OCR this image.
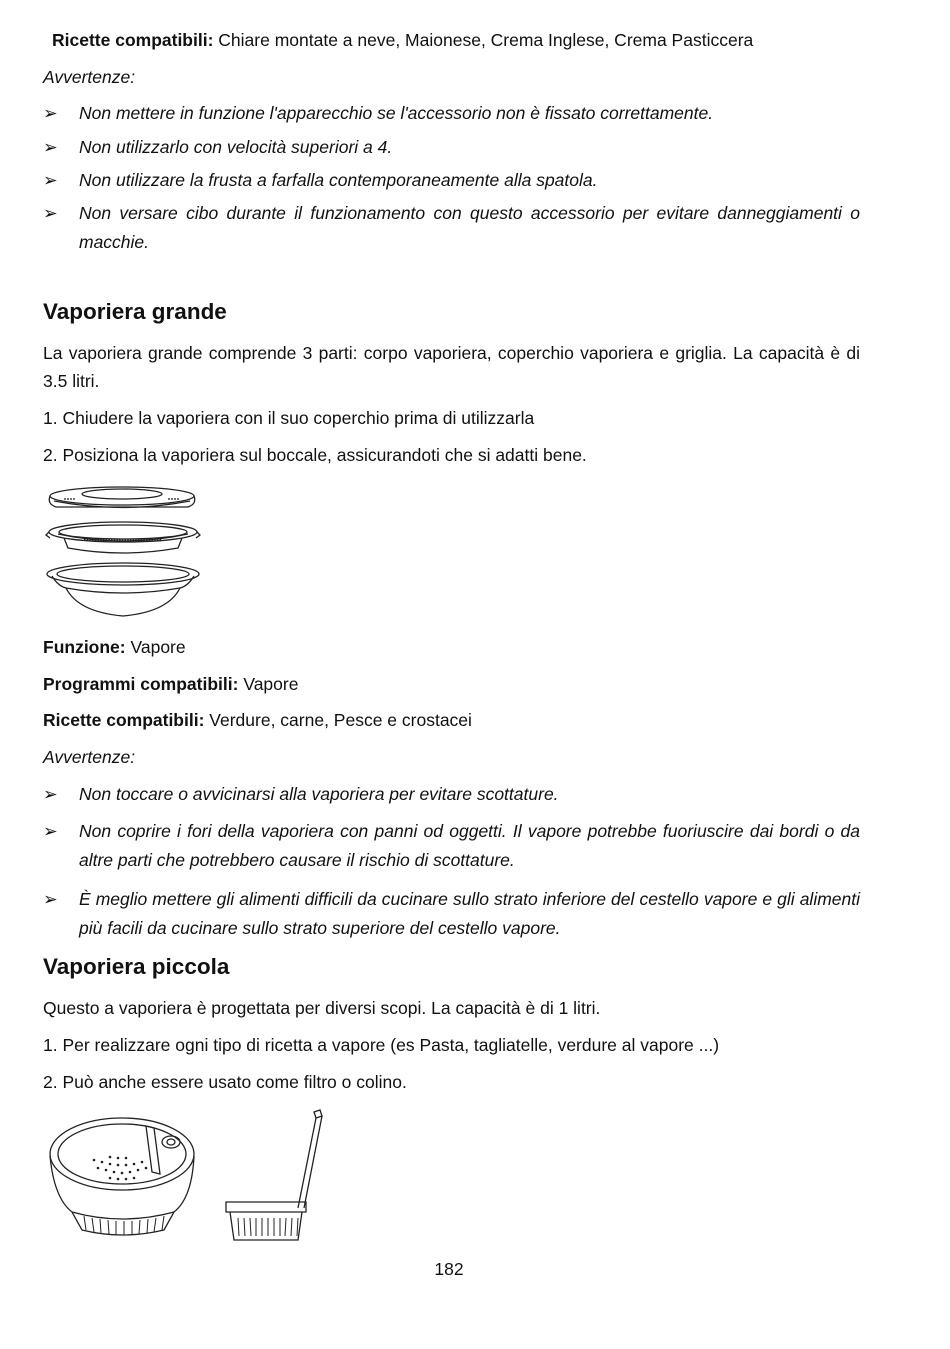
Ricette compatibili: Chiare montate a neve, Maionese, Crema Inglese, Crema Pasticcera
Avvertenze:
➢	Non mettere in funzione l'apparecchio se l'accessorio non è fissato correttamente.
➢	Non utilizzarlo con velocità superiori a 4.
➢	Non utilizzare la frusta a farfalla contemporaneamente alla spatola.
➢	Non versare cibo durante il funzionamento con questo accessorio per evitare danneggiamenti o macchie.
Vaporiera grande
La vaporiera grande comprende 3 parti: corpo vaporiera, coperchio vaporiera e griglia. La capacità è di 3.5 litri.
1. Chiudere la vaporiera con il suo coperchio prima di utilizzarla
2. Posiziona la vaporiera sul boccale, assicurandoti che si adatti bene.
Funzione: Vapore
Programmi compatibili: Vapore
Ricette compatibili: Verdure, carne, Pesce e crostacei
Avvertenze:
➢	Non toccare o avvicinarsi alla vaporiera per evitare scottature.
➢	Non coprire i fori della vaporiera con panni od oggetti. Il vapore potrebbe fuoriuscire dai bordi o da altre parti che potrebbero causare il rischio di scottature.
➢	È meglio mettere gli alimenti difficili da cucinare sullo strato inferiore del cestello vapore e gli alimenti più facili da cucinare sullo strato superiore del cestello vapore.
Vaporiera piccola
Questo a vaporiera è progettata per diversi scopi. La capacità è di 1 litri.
1. Per realizzare ogni tipo di ricetta a vapore (es Pasta, tagliatelle, verdure al vapore ...)
2. Può anche essere usato come filtro o colino.
182
